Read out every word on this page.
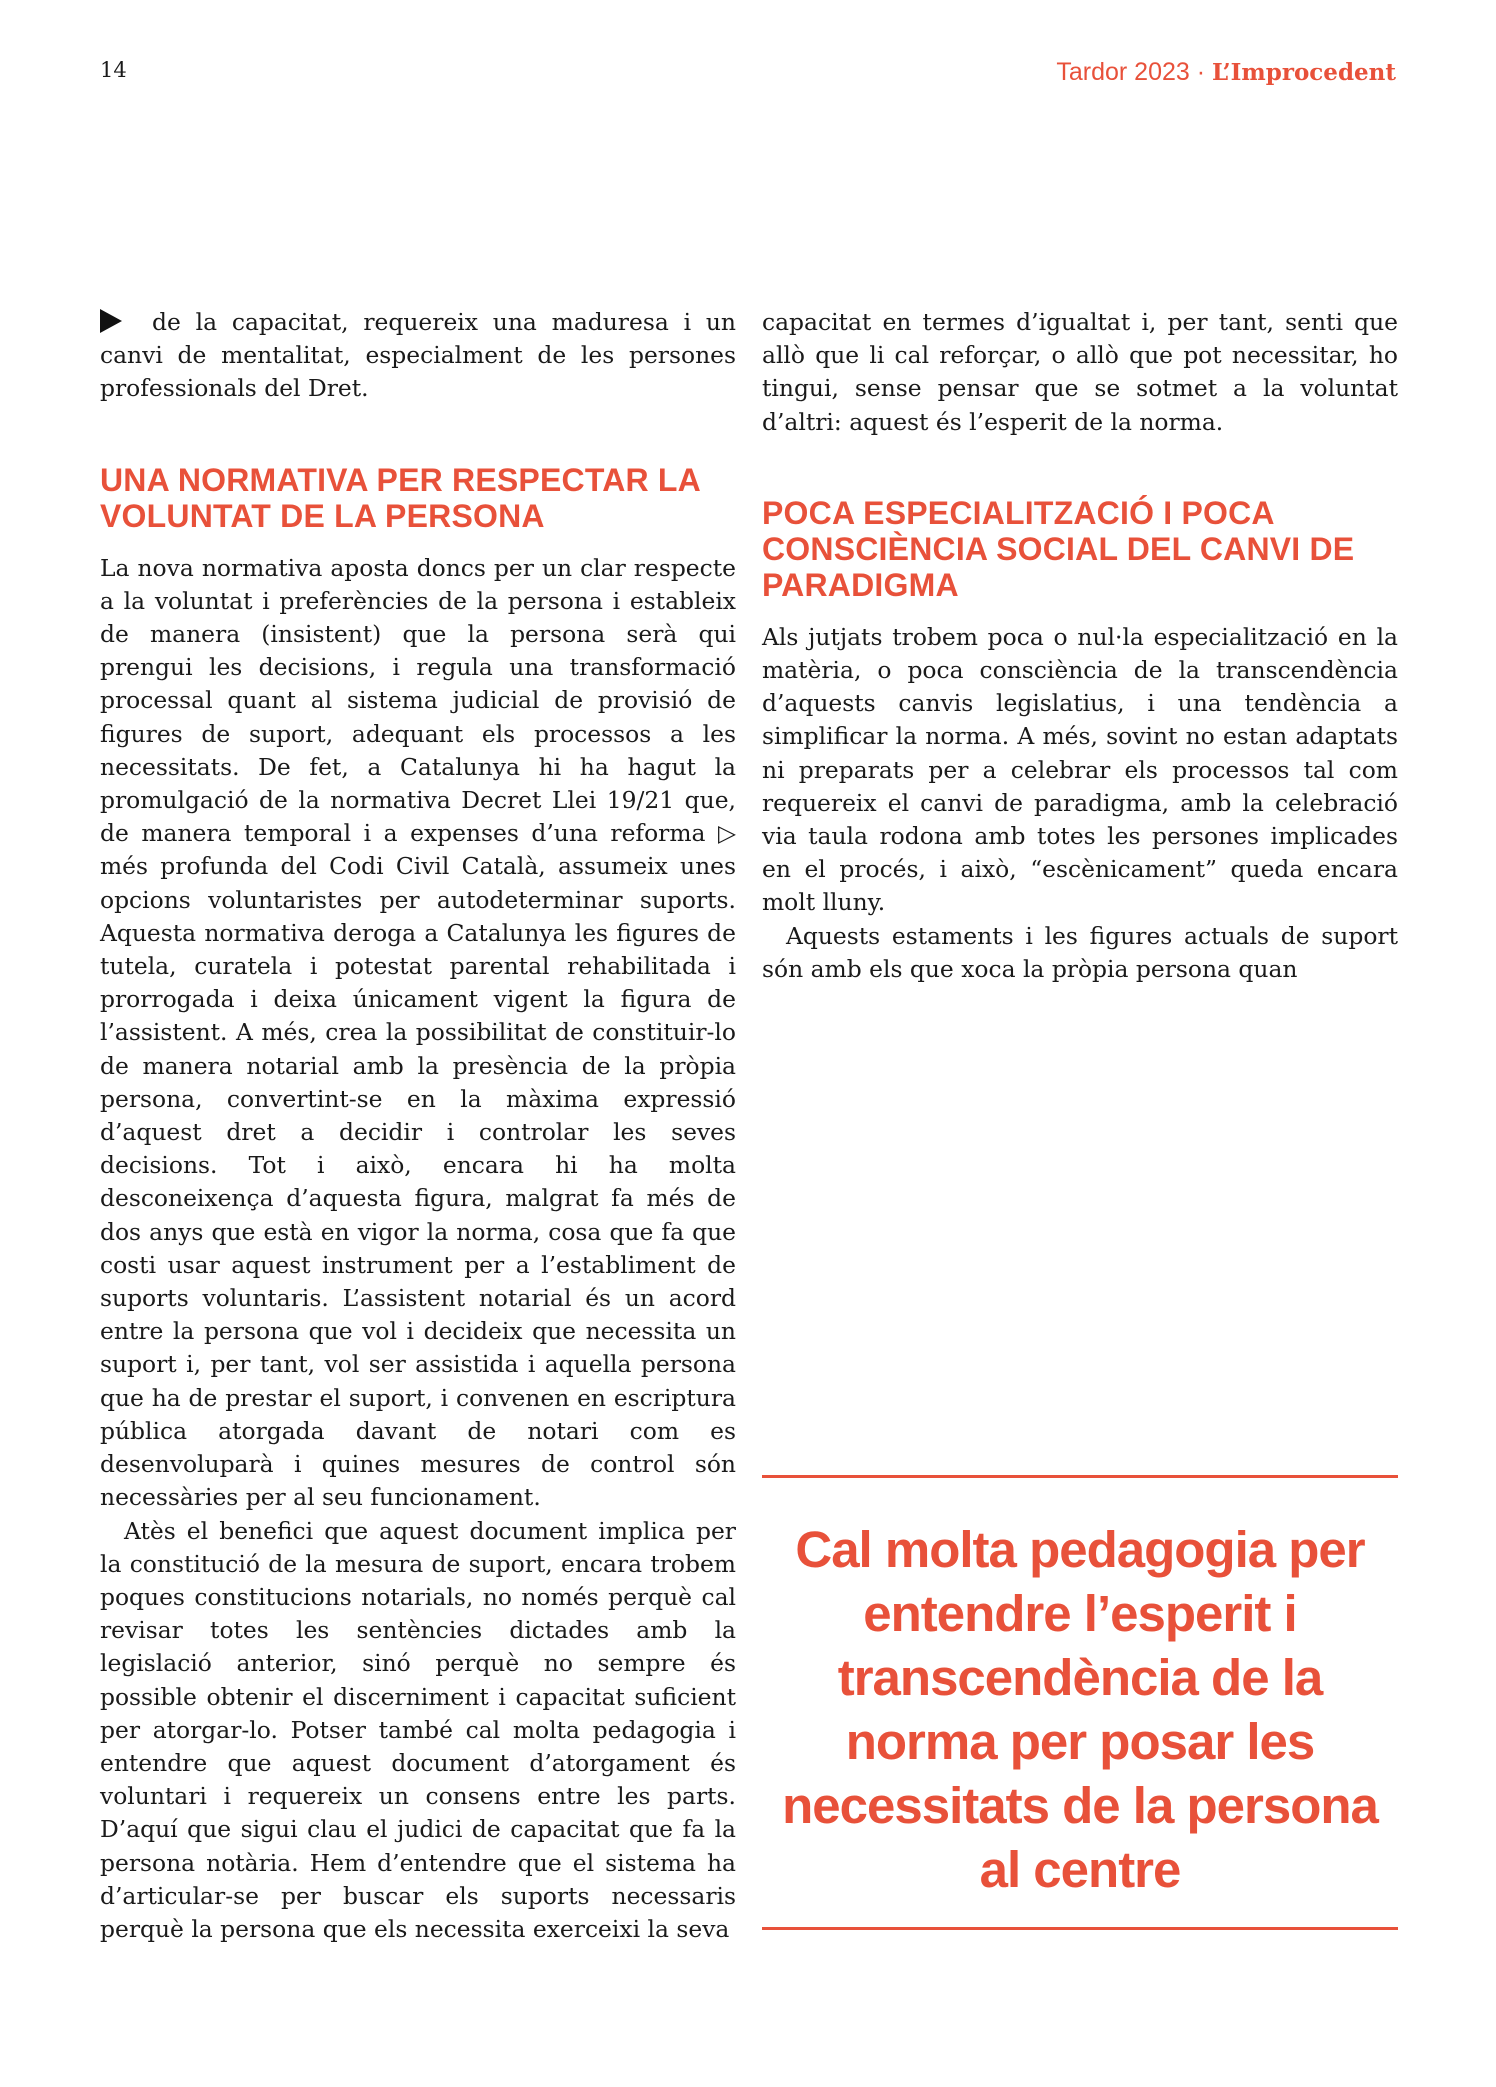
14	Tardor 2023 · L’Improcedent

de la capacitat, requereix una maduresa i un canvi de mentalitat, especialment de les persones professionals del Dret.

UNA NORMATIVA PER RESPECTAR LA VOLUNTAT DE LA PERSONA

La nova normativa aposta doncs per un clar respecte a la voluntat i preferències de la persona i estableix de manera (insistent) que la persona serà qui prengui les decisions, i regula una transformació processal quant al sistema judicial de provisió de figures de suport, adequant els processos a les necessitats. De fet, a Catalunya hi ha hagut la promulgació de la normativa Decret Llei 19/21 que, de manera temporal i a expenses d’una reforma ▷ més profunda del Codi Civil Català, assumeix unes opcions voluntaristes per autodeterminar suports. Aquesta normativa deroga a Catalunya les figures de tutela, curatela i potestat parental rehabilitada i prorrogada i deixa únicament vigent la figura de l’assistent. A més, crea la possibilitat de constituir-lo de manera notarial amb la presència de la pròpia persona, convertint-se en la màxima expressió d’aquest dret a decidir i controlar les seves decisions. Tot i això, encara hi ha molta desconeixença d’aquesta figura, malgrat fa més de dos anys que està en vigor la norma, cosa que fa que costi usar aquest instrument per a l’establiment de suports voluntaris. L’assistent notarial és un acord entre la persona que vol i decideix que necessita un suport i, per tant, vol ser assistida i aquella persona que ha de prestar el suport, i convenen en escriptura pública atorgada davant de notari com es desenvoluparà i quines mesures de control són necessàries per al seu funcionament.

Atès el benefici que aquest document implica per la constitució de la mesura de suport, encara trobem poques constitucions notarials, no només perquè cal revisar totes les sentències dictades amb la legislació anterior, sinó perquè no sempre és possible obtenir el discerniment i capacitat suficient per atorgar-lo. Potser també cal molta pedagogia i entendre que aquest document d’atorgament és voluntari i requereix un consens entre les parts. D’aquí que sigui clau el judici de capacitat que fa la persona notària. Hem d’entendre que el sistema ha d’articular-se per buscar els suports necessaris perquè la persona que els necessita exerceixi la seva

capacitat en termes d’igualtat i, per tant, senti que allò que li cal reforçar, o allò que pot necessitar, ho tingui, sense pensar que se sotmet a la voluntat d’altri: aquest és l’esperit de la norma.

POCA ESPECIALITZACIÓ I POCA CONSCIÈNCIA SOCIAL DEL CANVI DE PARADIGMA

Als jutjats trobem poca o nul·la especialització en la matèria, o poca consciència de la transcendència d’aquests canvis legislatius, i una tendència a simplificar la norma. A més, sovint no estan adaptats ni preparats per a celebrar els processos tal com requereix el canvi de paradigma, amb la celebració via taula rodona amb totes les persones implicades en el procés, i això, “escènicament” queda encara molt lluny.

Aquests estaments i les figures actuals de suport són amb els que xoca la pròpia persona quan

Cal molta pedagogia per entendre l’esperit i transcendència de la norma per posar les necessitats de la persona al centre
